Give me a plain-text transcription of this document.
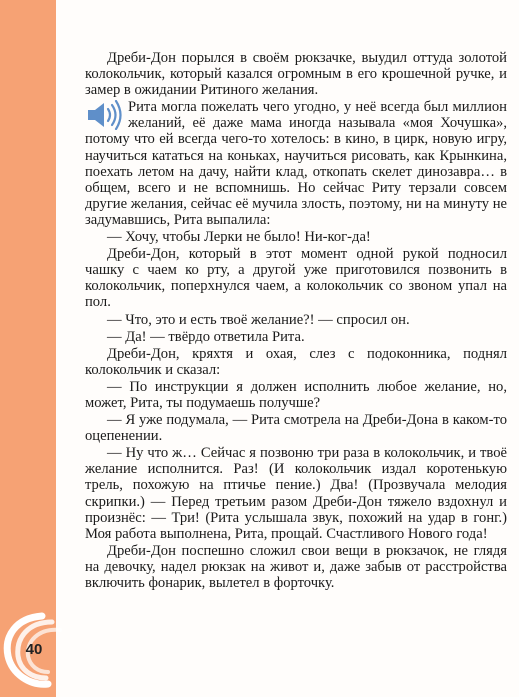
40

Дреби-Дон порылся в своём рюкзачке, выудил оттуда золотой колокольчик, который казался огромным в его крошечной ручке, и замер в ожидании Ритиного желания.

Рита могла пожелать чего угодно, у неё всегда был миллион желаний, её даже мама иногда называла «моя Хочушка», потому что ей всегда чего-то хотелось: в кино, в цирк, новую игру, научиться кататься на коньках, научиться рисовать, как Крынкина, поехать летом на дачу, найти клад, откопать скелет динозавра… в общем, всего и не вспомнишь. Но сейчас Риту терзали совсем другие желания, сейчас её мучила злость, поэтому, ни на минуту не задумавшись, Рита выпалила:

— Хочу, чтобы Лерки не было! Ни-ког-да!

Дреби-Дон, который в этот момент одной рукой подносил чашку с чаем ко рту, а другой уже приготовился позвонить в колокольчик, поперхнулся чаем, а колокольчик со звоном упал на пол.

— Что, это и есть твоё желание?! — спросил он.

— Да! — твёрдо ответила Рита.

Дреби-Дон, кряхтя и охая, слез с подоконника, поднял колокольчик и сказал:

— По инструкции я должен исполнить любое желание, но, может, Рита, ты подумаешь получше?

— Я уже подумала, — Рита смотрела на Дреби-Дона в каком-то оцепенении.

— Ну что ж… Сейчас я позвоню три раза в колокольчик, и твоё желание исполнится. Раз! (И колокольчик издал коротенькую трель, похожую на птичье пение.) Два! (Прозвучала мелодия скрипки.) — Перед третьим разом Дреби-Дон тяжело вздохнул и произнёс: — Три! (Рита услышала звук, похожий на удар в гонг.) Моя работа выполнена, Рита, прощай. Счастливого Нового года!

Дреби-Дон поспешно сложил свои вещи в рюкзачок, не глядя на девочку, надел рюкзак на живот и, даже забыв от расстройства включить фонарик, вылетел в форточку.
